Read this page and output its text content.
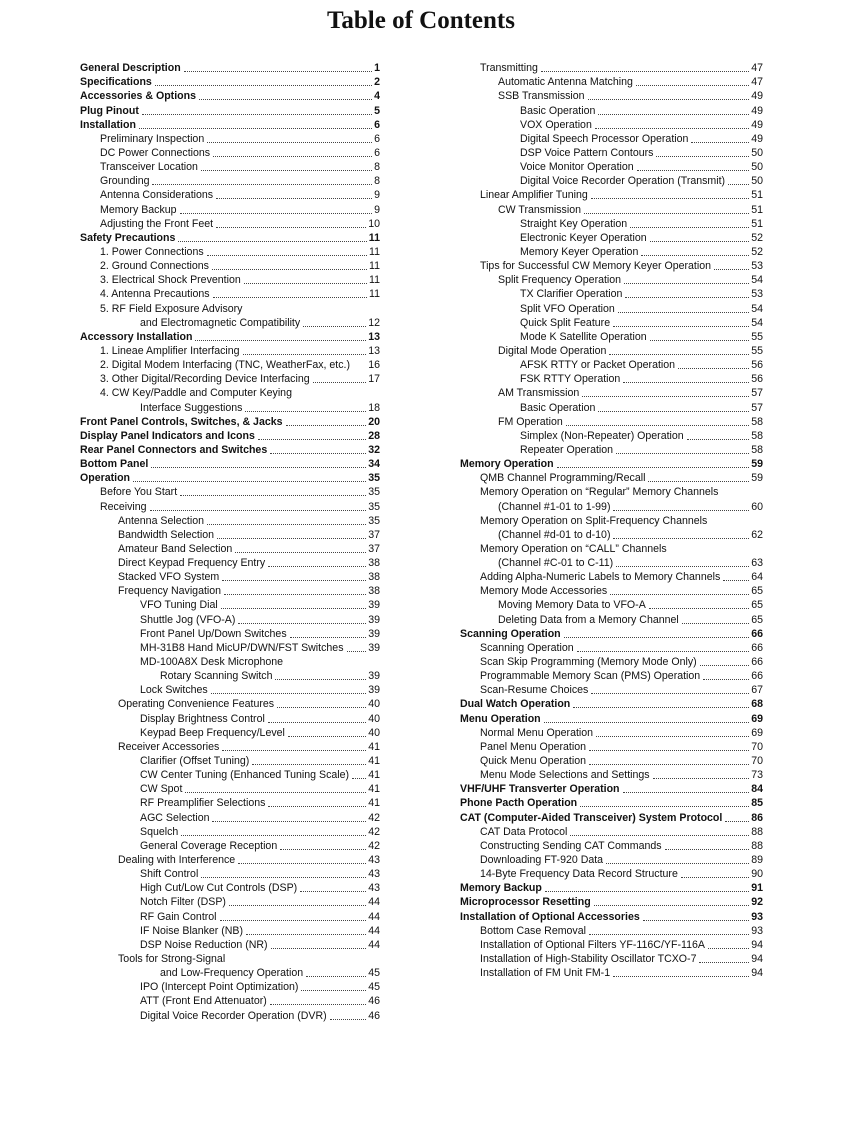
Table of Contents
General Description	1
Specifications	2
Accessories & Options	4
Plug Pinout	5
Installation	6
Preliminary Inspection	6
DC Power Connections	6
Transceiver Location	8
Grounding	8
Antenna Considerations	9
Memory Backup	9
Adjusting the Front Feet	10
Safety Precautions	11
1. Power Connections	11
2. Ground Connections	11
3. Electrical Shock Prevention	11
4. Antenna Precautions	11
5. RF Field Exposure Advisory
and Electromagnetic Compatibility	12
Accessory Installation	13
1. Lineae Amplifier Interfacing	13
2. Digital Modem Interfacing (TNC, WeatherFax, etc.) 16
3. Other Digital/Recording Device Interfacing	17
4. CW Key/Paddle and Computer Keying
Interface Suggestions	18
Front Panel Controls, Switches, & Jacks	20
Display Panel Indicators and Icons	28
Rear Panel Connectors and Switches	32
Bottom Panel	34
Operation	35
Before You Start	35
Receiving	35
Antenna Selection	35
Bandwidth Selection	37
Amateur Band Selection	37
Direct Keypad Frequency Entry	38
Stacked VFO System	38
Frequency Navigation	38
VFO Tuning Dial	39
Shuttle Jog (VFO-A)	39
Front Panel Up/Down Switches	39
MH-31B8 Hand MicUP/DWN/FST Switches 39
MD-100A8X Desk Microphone
Rotary Scanning Switch	39
Lock Switches	39
Operating Convenience Features	40
Display Brightness Control	40
Keypad Beep Frequency/Level	40
Receiver Accessories	41
Clarifier (Offset Tuning)	41
CW Center Tuning (Enhanced Tuning Scale) 41
CW Spot	41
RF Preamplifier Selections	41
AGC Selection	42
Squelch	42
General Coverage Reception	42
Dealing with Interference	43
Shift Control	43
High Cut/Low Cut Controls (DSP)	43
Notch Filter (DSP)	44
RF Gain Control	44
IF Noise Blanker (NB)	44
DSP Noise Reduction (NR)	44
Tools for Strong-Signal
and Low-Frequency Operation	45
IPO (Intercept Point Optimization)	45
ATT (Front End Attenuator)	46
Digital Voice Recorder Operation (DVR)	46
Transmitting	47
Automatic Antenna Matching	47
SSB Transmission	49
Basic Operation	49
VOX Operation	49
Digital Speech Processor Operation	49
DSP Voice Pattern Contours	50
Voice Monitor Operation	50
Digital Voice Recorder Operation (Transmit) 50
Linear Amplifier Tuning	51
CW Transmission	51
Straight Key Operation	51
Electronic Keyer Operation	52
Memory Keyer Operation	52
Tips for Successful CW Memory Keyer Operation	53
Split Frequency Operation	54
TX Clarifier Operation	53
Split VFO Operation	54
Quick Split Feature	54
Mode K Satellite Operation	55
Digital Mode Operation	55
AFSK RTTY or Packet Operation	56
FSK RTTY Operation	56
AM Transmission	57
Basic Operation	57
FM Operation	58
Simplex (Non-Repeater) Operation	58
Repeater Operation	58
Memory Operation	59
QMB Channel Programming/Recall	59
Memory Operation on “Regular” Memory Channels
(Channel #1-01 to 1-99)	60
Memory Operation on Split-Frequency Channels
(Channel #d-01 to d-10)	62
Memory Operation on “CALL” Channels
(Channel #C-01 to C-11)	63
Adding Alpha-Numeric Labels to Memory Channels	64
Memory Mode Accessories	65
Moving Memory Data to VFO-A	65
Deleting Data from a Memory Channel	65
Scanning Operation	66
Scanning Operation	66
Scan Skip Programming (Memory Mode Only)	66
Programmable Memory Scan (PMS) Operation	66
Scan-Resume Choices	67
Dual Watch Operation	68
Menu Operation	69
Normal Menu Operation	69
Panel Menu Operation	70
Quick Menu Operation	70
Menu Mode Selections and Settings	73
VHF/UHF Transverter Operation	84
Phone Pacth Operation	85
CAT (Computer-Aided Transceiver) System Protocol	86
CAT Data Protocol	88
Constructing Sending CAT Commands	88
Downloading FT-920 Data	89
14-Byte Frequency Data Record Structure	90
Memory Backup	91
Microprocessor Resetting	92
Installation of Optional Accessories	93
Bottom Case Removal	93
Installation of Optional Filters YF-116C/YF-116A	94
Installation of High-Stability Oscillator TCXO-7	94
Installation of FM Unit FM-1	94
